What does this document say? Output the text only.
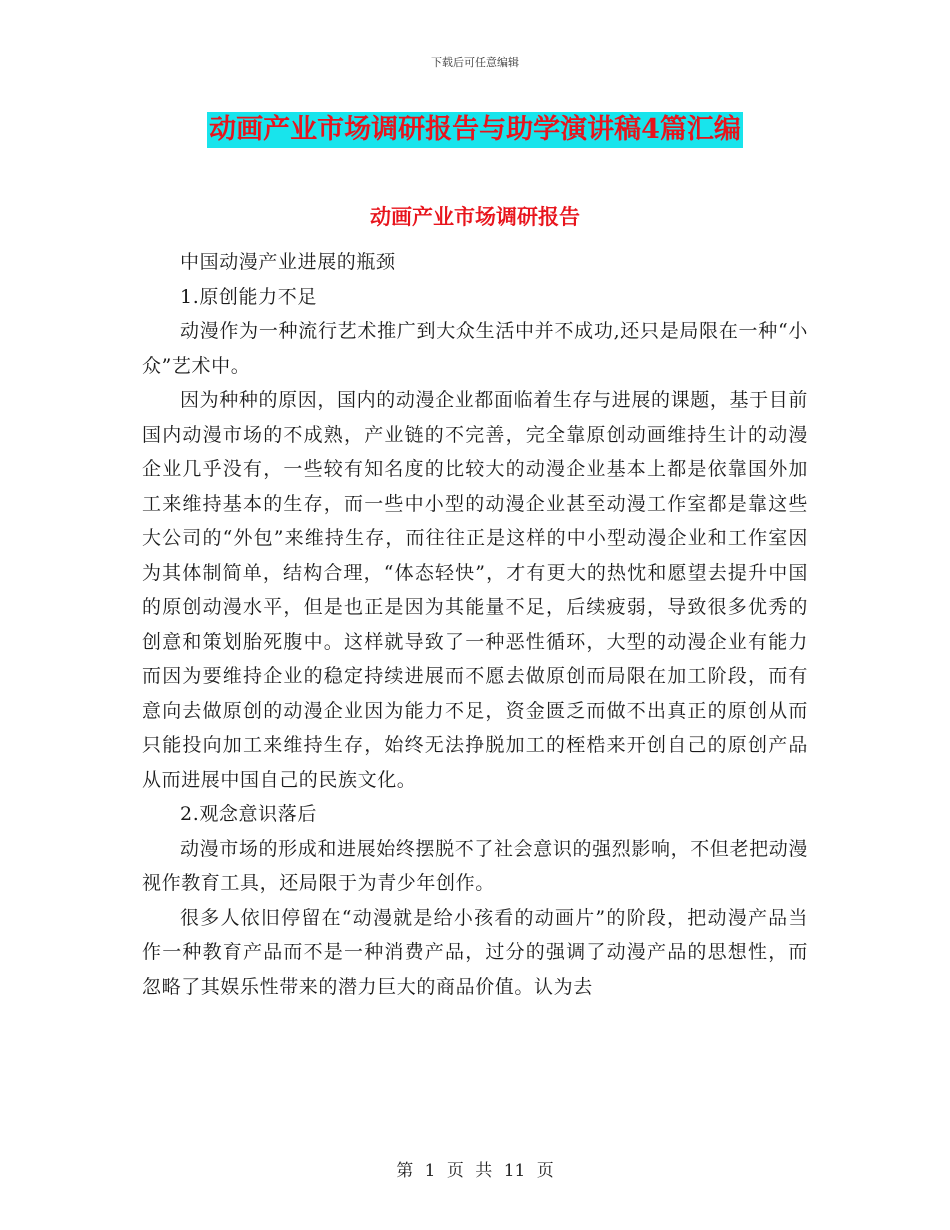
下载后可任意编辑
动画产业市场调研报告与助学演讲稿4篇汇编
动画产业市场调研报告

中国动漫产业进展的瓶颈

1.原创能力不足

动漫作为一种流行艺术推广到大众生活中并不成功,还只是局限在一种“小众”艺术中。

因为种种的原因，国内的动漫企业都面临着生存与进展的课题，基于目前国内动漫市场的不成熟，产业链的不完善，完全靠原创动画维持生计的动漫企业几乎没有，一些较有知名度的比较大的动漫企业基本上都是依靠国外加工来维持基本的生存，而一些中小型的动漫企业甚至动漫工作室都是靠这些大公司的“外包”来维持生存，而往往正是这样的中小型动漫企业和工作室因为其体制简单，结构合理，“体态轻快”，才有更大的热忱和愿望去提升中国的原创动漫水平，但是也正是因为其能量不足，后续疲弱，导致很多优秀的创意和策划胎死腹中。这样就导致了一种恶性循环，大型的动漫企业有能力而因为要维持企业的稳定持续进展而不愿去做原创而局限在加工阶段，而有意向去做原创的动漫企业因为能力不足，资金匮乏而做不出真正的原创从而只能投向加工来维持生存，始终无法挣脱加工的桎梏来开创自己的原创产品从而进展中国自己的民族文化。

2.观念意识落后

动漫市场的形成和进展始终摆脱不了社会意识的强烈影响，不但老把动漫视作教育工具，还局限于为青少年创作。

很多人依旧停留在“动漫就是给小孩看的动画片”的阶段，把动漫产品当作一种教育产品而不是一种消费产品，过分的强调了动漫产品的思想性，而忽略了其娱乐性带来的潜力巨大的商品价值。认为去

第 1 页 共 11 页
